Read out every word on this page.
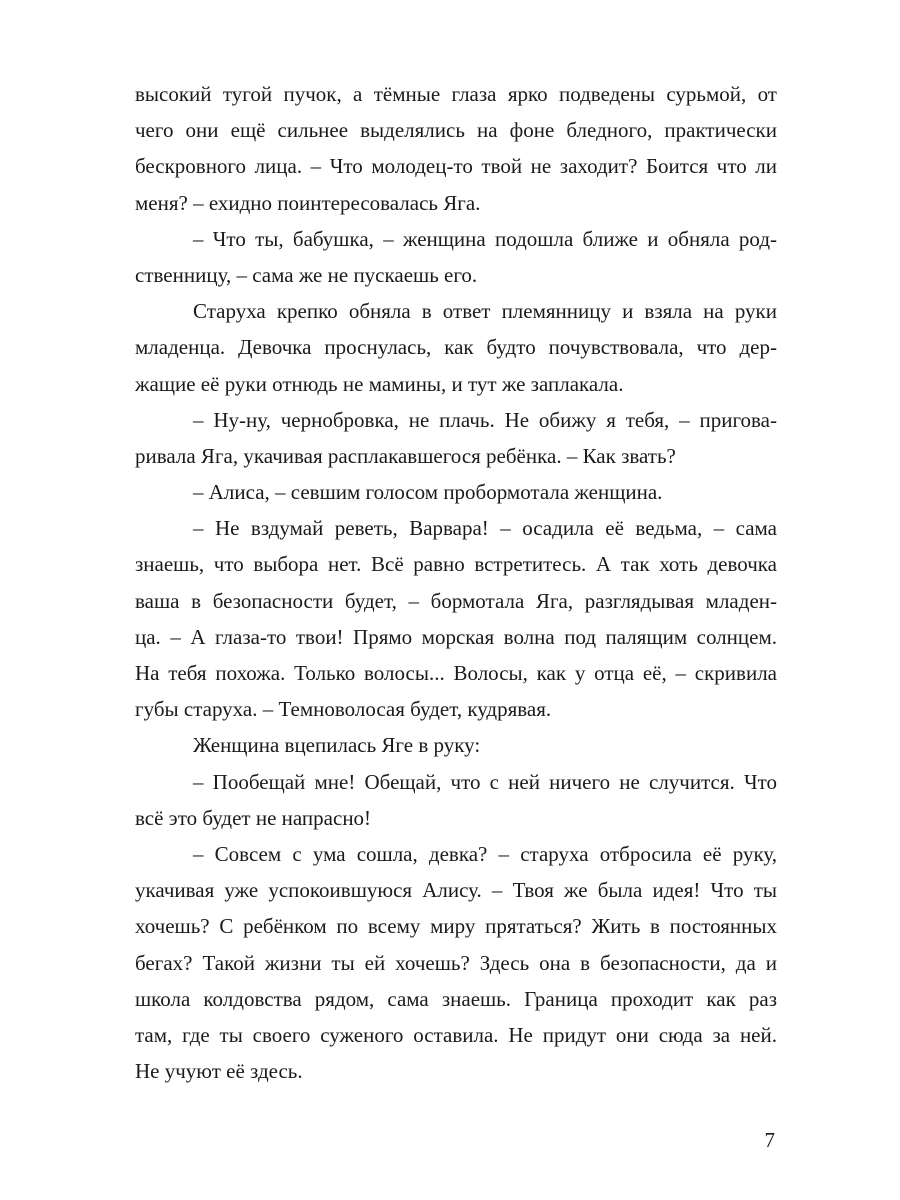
высокий тугой пучок, а тёмные глаза ярко подведены сурьмой, от
чего они ещё сильнее выделялись на фоне бледного, практически
бескровного лица. – Что молодец-то твой не заходит? Боится что ли
меня? – ехидно поинтересовалась Яга.
– Что ты, бабушка, – женщина подошла ближе и обняла род-
ственницу, – сама же не пускаешь его.
Старуха крепко обняла в ответ племянницу и взяла на руки
младенца. Девочка проснулась, как будто почувствовала, что дер-
жащие её руки отнюдь не мамины, и тут же заплакала.
– Ну-ну, чернобровка, не плачь. Не обижу я тебя, – пригова-
ривала Яга, укачивая расплакавшегося ребёнка. – Как звать?
– Алиса, – севшим голосом пробормотала женщина.
– Не вздумай реветь, Варвара! – осадила её ведьма, – сама
знаешь, что выбора нет. Всё равно встретитесь. А так хоть девочка
ваша в безопасности будет, – бормотала Яга, разглядывая младен-
ца. – А глаза-то твои! Прямо морская волна под палящим солнцем.
На тебя похожа. Только волосы... Волосы, как у отца её, – скривила
губы старуха. – Темноволосая будет, кудрявая.
Женщина вцепилась Яге в руку:
– Пообещай мне! Обещай, что с ней ничего не случится. Что
всё это будет не напрасно!
– Совсем с ума сошла, девка? – старуха отбросила её руку,
укачивая уже успокоившуюся Алису. – Твоя же была идея! Что ты
хочешь? С ребёнком по всему миру прятаться? Жить в постоянных
бегах? Такой жизни ты ей хочешь? Здесь она в безопасности, да и
школа колдовства рядом, сама знаешь. Граница проходит как раз
там, где ты своего суженого оставила. Не придут они сюда за ней.
Не учуют её здесь.
7
